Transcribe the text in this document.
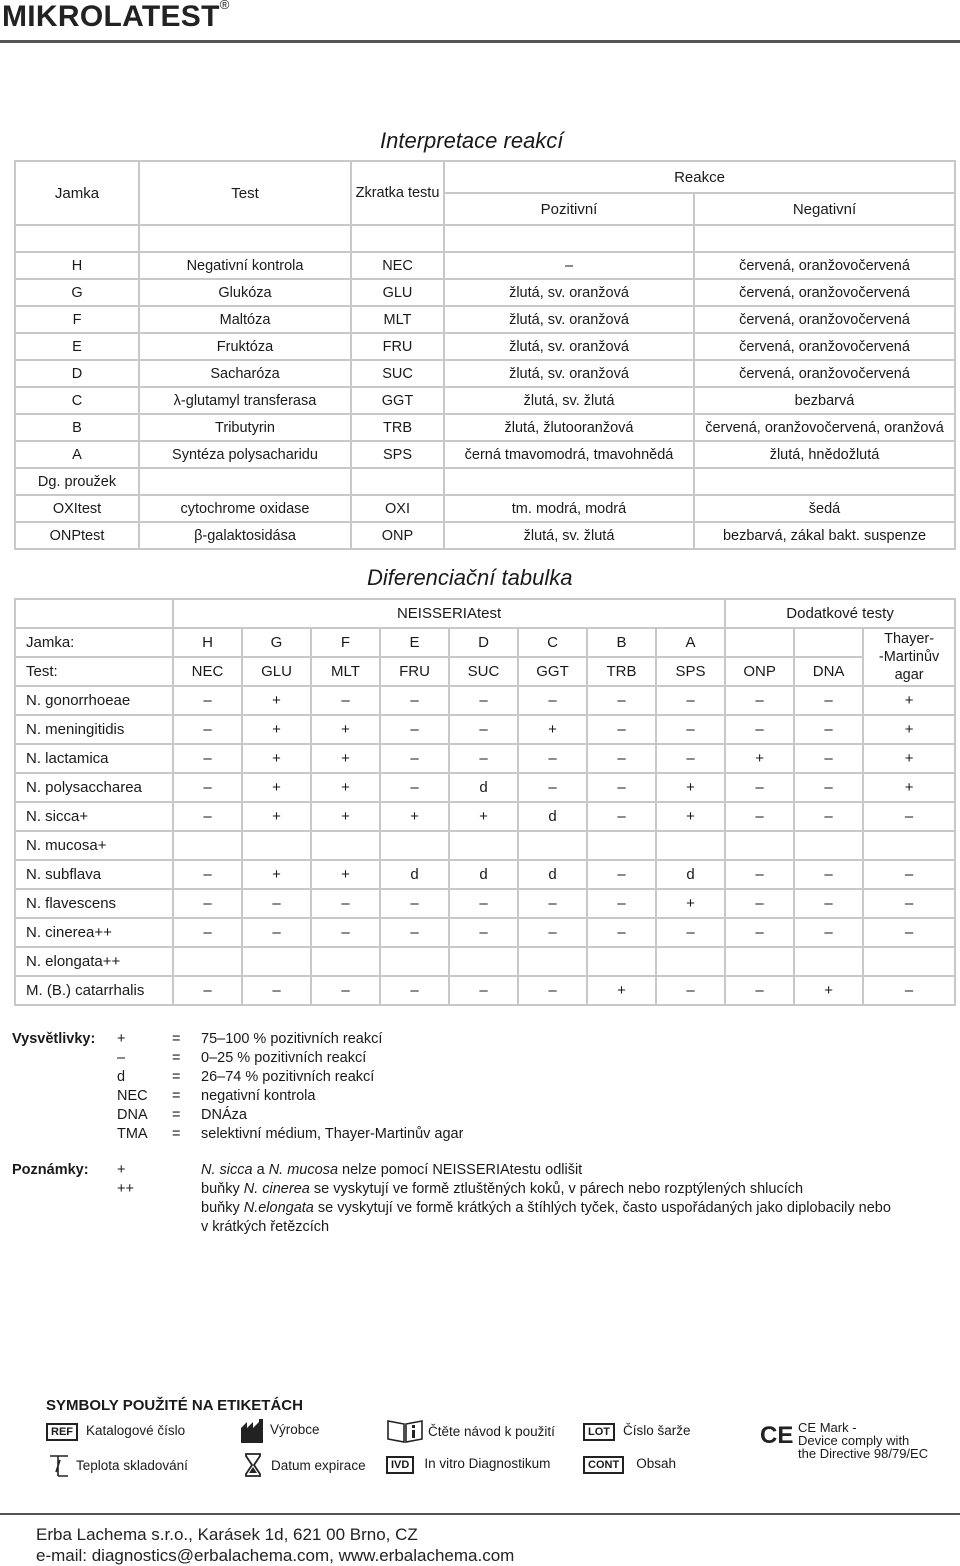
MIKROLATEST®
Interpretace reakcí
Jamka	Test	Zkratka testu	Reakce	
			Pozitivní	Negativní

H	Negativní kontrola	NEC	–	červená, oranžovočervená
G	Glukóza	GLU	žlutá, sv. oranžová	červená, oranžovočervená
F	Maltóza	MLT	žlutá, sv. oranžová	červená, oranžovočervená
E	Fruktóza	FRU	žlutá, sv. oranžová	červená, oranžovočervená
D	Sacharóza	SUC	žlutá, sv. oranžová	červená, oranžovočervená
C	λ-glutamyl transferasa	GGT	žlutá, sv. žlutá	bezbarvá
B	Tributyrin	TRB	žlutá, žlutooranžová	červená, oranžovočervená, oranžová
A	Syntéza polysacharidu	SPS	černá tmavomodrá, tmavohnědá	žlutá, hnědožlutá
Dg. proužek				
OXItest	cytochrome oxidase	OXI	tm. modrá, modrá	šedá
ONPtest	β-galaktosidása	ONP	žlutá, sv. žlutá	bezbarvá, zákal bakt. suspenze
Diferenciační tabulka
	NEISSERIAtest								Dodatkové testy		
Jamka:	H	G	F	E	D	C	B	A			Thayer-
-Martinův
agar
Test:	NEC	GLU	MLT	FRU	SUC	GGT	TRB	SPS	ONP	DNA	
N. gonorrhoeae	–	+	–	–	–	–	–	–	–	–	+
N. meningitidis	–	+	+	–	–	+	–	–	–	–	+
N. lactamica	–	+	+	–	–	–	–	–	+	–	+
N. polysaccharea	–	+	+	–	d	–	–	+	–	–	+
N. sicca+	–	+	+	+	+	d	–	+	–	–	–
N. mucosa+											
N. subflava	–	+	+	d	d	d	–	d	–	–	–
N. flavescens	–	–	–	–	–	–	–	+	–	–	–
N. cinerea++	–	–	–	–	–	–	–	–	–	–	–
N. elongata++											
M. (B.) catarrhalis	–	–	–	–	–	–	+	–	–	+	–
Vysvětlivky:	+	=	75–100 % pozitivních reakcí
	–	=	0–25 % pozitivních reakcí
	d	=	26–74 % pozitivních reakcí
	NEC	=	negativní kontrola
	DNA	=	DNÁza
	TMA	=	selektivní médium, Thayer-Martinův agar
Poznámky:	+	N. sicca a N. mucosa nelze pomocí NEISSERIAtestu odlišit
++	buňky N. cinerea se vyskytují ve formě ztluštěných koků, v párech nebo rozptýlených shlucích
buňky N.elongata se vyskytují ve formě krátkých a štíhlých tyček, často uspořádaných jako diplobacily nebo
v krátkých řetězcích
SYMBOLY POUŽITÉ NA ETIKETÁCH
REF Katalogové číslo	Výrobce	Čtěte návod k použití	LOT Číslo šarže	CE CE Mark -
Device comply with
the Directive 98/79/EC
Teplota skladování	Datum expirace	IVD In vitro Diagnostikum	CONT Obsah
Erba Lachema s.r.o., Karásek 1d, 621 00 Brno, CZ
e-mail: diagnostics@erbalachema.com, www.erbalachema.com
